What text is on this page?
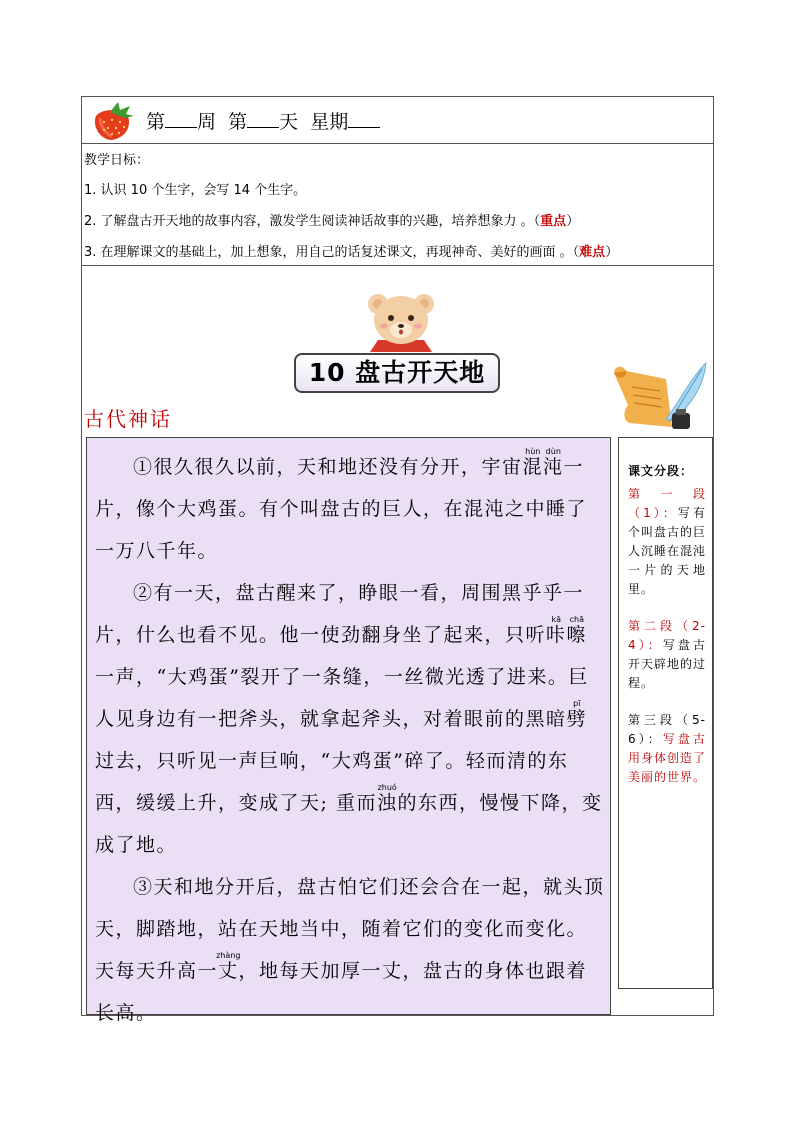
第 周 第 天 星期
教学日标：
1. 认识 10 个生字，会写 14 个生字。
2. 了解盘古开天地的故事内容，激发学生阅读神话故事的兴趣，培养想象力 。（重点）
3. 在理解课文的基础上，加上想象，用自己的话复述课文，再现神奇、美好的画面 。（难点）
10 盘古开天地
古代神话
①很久很久以前，天和地还没有分开，宇宙混hùn沌dùn一片，像个大鸡蛋。有个叫盘古的巨人，在混沌之中睡了一万八千年。
②有一天，盘古醒来了，睁眼一看，周围黑乎乎一片，什么也看不见。他一使劲翻身坐了起来，只听咔kā嚓chā一声，“大鸡蛋”裂开了一条缝，一丝微光透了进来。巨人见身边有一把斧头，就拿起斧头，对着眼前的黑暗劈pī过去，只听见一声巨响，“大鸡蛋”碎了。轻而清的东西，缓缓上升，变成了天; 重而浊zhuó的东西，慢慢下降，变成了地。
③天和地分开后，盘古怕它们还会合在一起，就头顶天，脚踏地，站在天地当中，随着它们的变化而变化。天每天升高一丈zhàng，地每天加厚一丈，盘古的身体也跟着长高。
课文分段：
第一段（1）：写有个叫盘古的巨人沉睡在混沌一片的天地里。
第二段（2-4）：写盘古开天辟地的过程。
第三段（5-6）：写盘古用身体创造了美丽的世界。
